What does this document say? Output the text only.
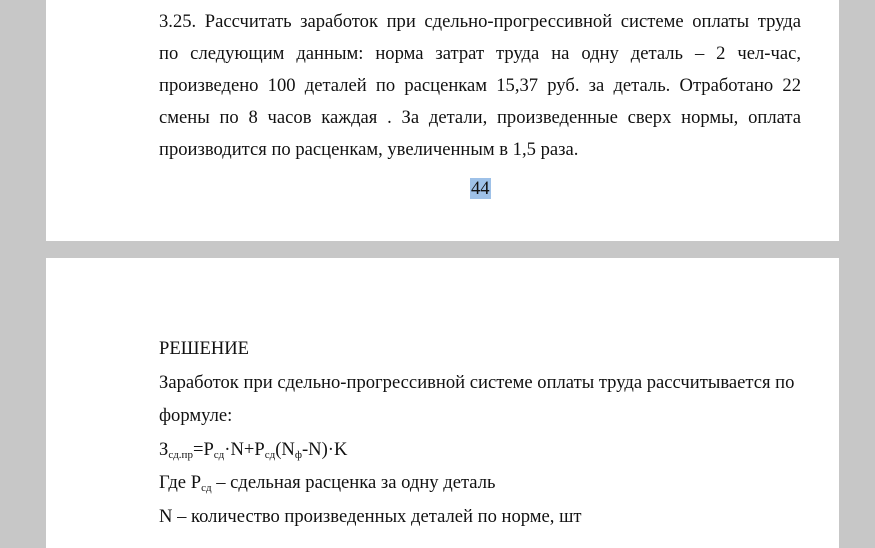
3.25. Рассчитать заработок при сдельно-прогрессивной системе оплаты труда
по следующим данным: норма затрат труда на одну деталь – 2 чел-час,
произведено 100 деталей по расценкам 15,37 руб. за деталь. Отработано 22
смены по 8 часов каждая . За детали, произведенные сверх нормы, оплата
производится по расценкам, увеличенным в 1,5 раза.

44
РЕШЕНИЕ
Заработок при сдельно-прогрессивной системе оплаты труда рассчитывается по
формуле:
$З_{сд.пр}=Р_{сд}\cdot N+Р_{сд}(N_ф-N)\cdot K$
Где $Р_{сд}$ – сдельная расценка за одну деталь
N – количество произведенных деталей по норме, шт
